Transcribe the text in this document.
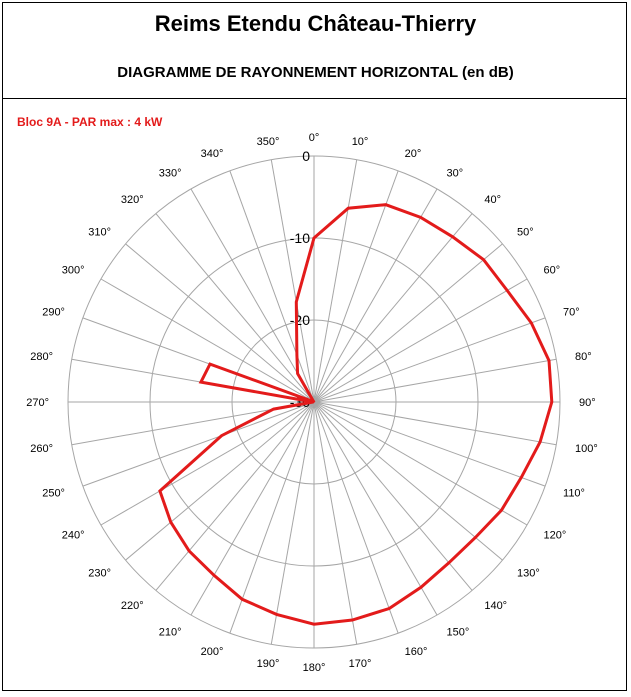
Reims Etendu Château-Thierry
DIAGRAMME DE RAYONNEMENT HORIZONTAL (en dB)
Bloc 9A - PAR max : 4 kW
0°	10°
20°
30°
40°
50°
60°
70°
80°
90°
100°
110°
120°
130°
140°
150°
160°
170°
180°
190°
200°
210°
220°
230°
240°
250°
260°
270°
280°
290°
300°
310°
320°
330°
340°
350°
0
-10
-20
-30
